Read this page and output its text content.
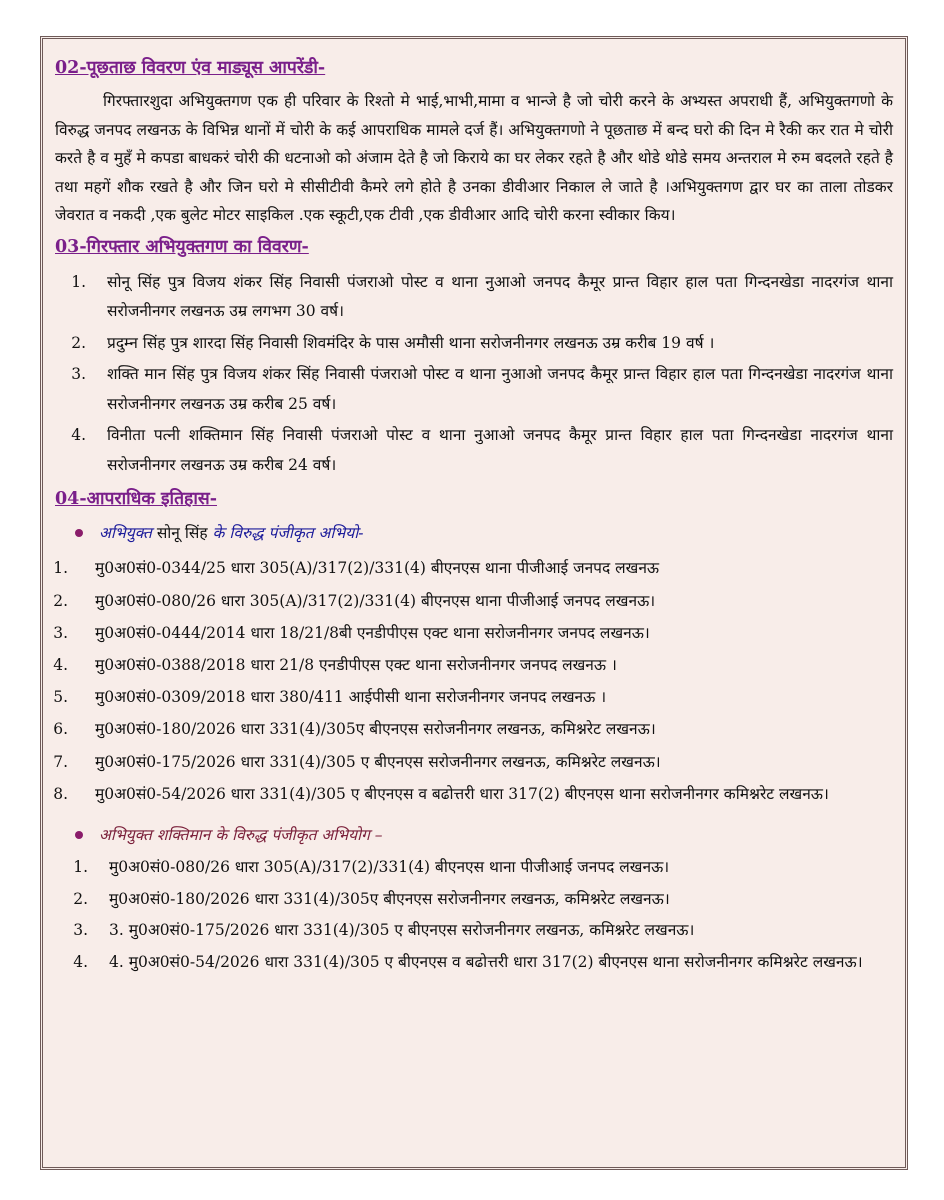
02-पूछताछ विवरण एंव माड्यूस आपरेंडी-

गिरफ्तारशुदा अभियुक्तगण एक ही परिवार के रिश्तो मे भाई,भाभी,मामा व भान्जे है जो चोरी करने के अभ्यस्त अपराधी हैं, अभियुक्तगणो के विरुद्ध जनपद लखनऊ के विभिन्न थानों में चोरी के कई आपराधिक मामले दर्ज हैं। अभियुक्तगणो ने पूछताछ में बन्द घरो की दिन मे रैकी कर रात मे चोरी करते है व मुहँ मे कपडा बाधकरं चोरी की धटनाओ को अंजाम देते है जो किराये का घर लेकर रहते है और थोडे थोडे समय अन्तराल मे रुम बदलते रहते है तथा महगें शौक रखते है और जिन घरो मे सीसीटीवी कैमरे लगे होते है उनका डीवीआर निकाल ले जाते है ।अभियुक्तगण द्वार घर का ताला तोडकर जेवरात व नकदी ,एक बुलेट मोटर साइकिल .एक स्कूटी,एक टीवी ,एक डीवीआर आदि चोरी करना स्वीकार किय।

03-गिरफ्तार अभियुक्तगण का विवरण-

1. सोनू सिंह पुत्र विजय शंकर सिंह निवासी पंजराओ पोस्ट व थाना नुआओ जनपद कैमूर प्रान्त विहार हाल पता गिन्दनखेडा नादरगंज थाना सरोजनीनगर लखनऊ उम्र लगभग 30 वर्ष।
2. प्रदुम्न सिंह पुत्र शारदा सिंह निवासी शिवमंदिर के पास अमौसी थाना सरोजनीनगर लखनऊ उम्र करीब 19 वर्ष ।
3. शक्ति मान सिंह पुत्र विजय शंकर सिंह निवासी पंजराओ पोस्ट व थाना नुआओ जनपद कैमूर प्रान्त विहार हाल पता गिन्दनखेडा नादरगंज थाना सरोजनीनगर लखनऊ उम्र करीब 25 वर्ष।
4. विनीता पत्नी शक्तिमान सिंह निवासी पंजराओ पोस्ट व थाना नुआओ जनपद कैमूर प्रान्त विहार हाल पता गिन्दनखेडा नादरगंज थाना सरोजनीनगर लखनऊ उम्र करीब 24 वर्ष।

04-आपराधिक इतिहास-

अभियुक्त सोनू सिंह के विरुद्ध पंजीकृत अभियो-
1. मु0अ0सं0-0344/25 धारा 305(A)/317(2)/331(4) बीएनएस थाना पीजीआई जनपद लखनऊ
2. मु0अ0सं0-080/26 धारा 305(A)/317(2)/331(4) बीएनएस थाना पीजीआई जनपद लखनऊ।
3. मु0अ0सं0-0444/2014 धारा 18/21/8बी एनडीपीएस एक्ट थाना सरोजनीनगर जनपद लखनऊ।
4. मु0अ0सं0-0388/2018 धारा 21/8 एनडीपीएस एक्ट थाना सरोजनीनगर जनपद लखनऊ ।
5. मु0अ0सं0-0309/2018 धारा 380/411 आईपीसी थाना सरोजनीनगर जनपद लखनऊ ।
6. मु0अ0सं0-180/2026 धारा 331(4)/305ए बीएनएस सरोजनीनगर लखनऊ, कमिश्नरेट लखनऊ।
7. मु0अ0सं0-175/2026 धारा 331(4)/305 ए बीएनएस सरोजनीनगर लखनऊ, कमिश्नरेट लखनऊ।
8. मु0अ0सं0-54/2026 धारा 331(4)/305 ए बीएनएस व बढोत्तरी धारा 317(2) बीएनएस थाना सरोजनीनगर कमिश्नरेट लखनऊ।
अभियुक्त शक्तिमान के विरुद्ध पंजीकृत अभियोग –
1. मु0अ0सं0-080/26 धारा 305(A)/317(2)/331(4) बीएनएस थाना पीजीआई जनपद लखनऊ।
2. मु0अ0सं0-180/2026 धारा 331(4)/305ए बीएनएस सरोजनीनगर लखनऊ, कमिश्नरेट लखनऊ।
3. 3. मु0अ0सं0-175/2026 धारा 331(4)/305 ए बीएनएस सरोजनीनगर लखनऊ, कमिश्नरेट लखनऊ।
4. 4. मु0अ0सं0-54/2026 धारा 331(4)/305 ए बीएनएस व बढोत्तरी धारा 317(2) बीएनएस थाना सरोजनीनगर कमिश्नरेट लखनऊ।
